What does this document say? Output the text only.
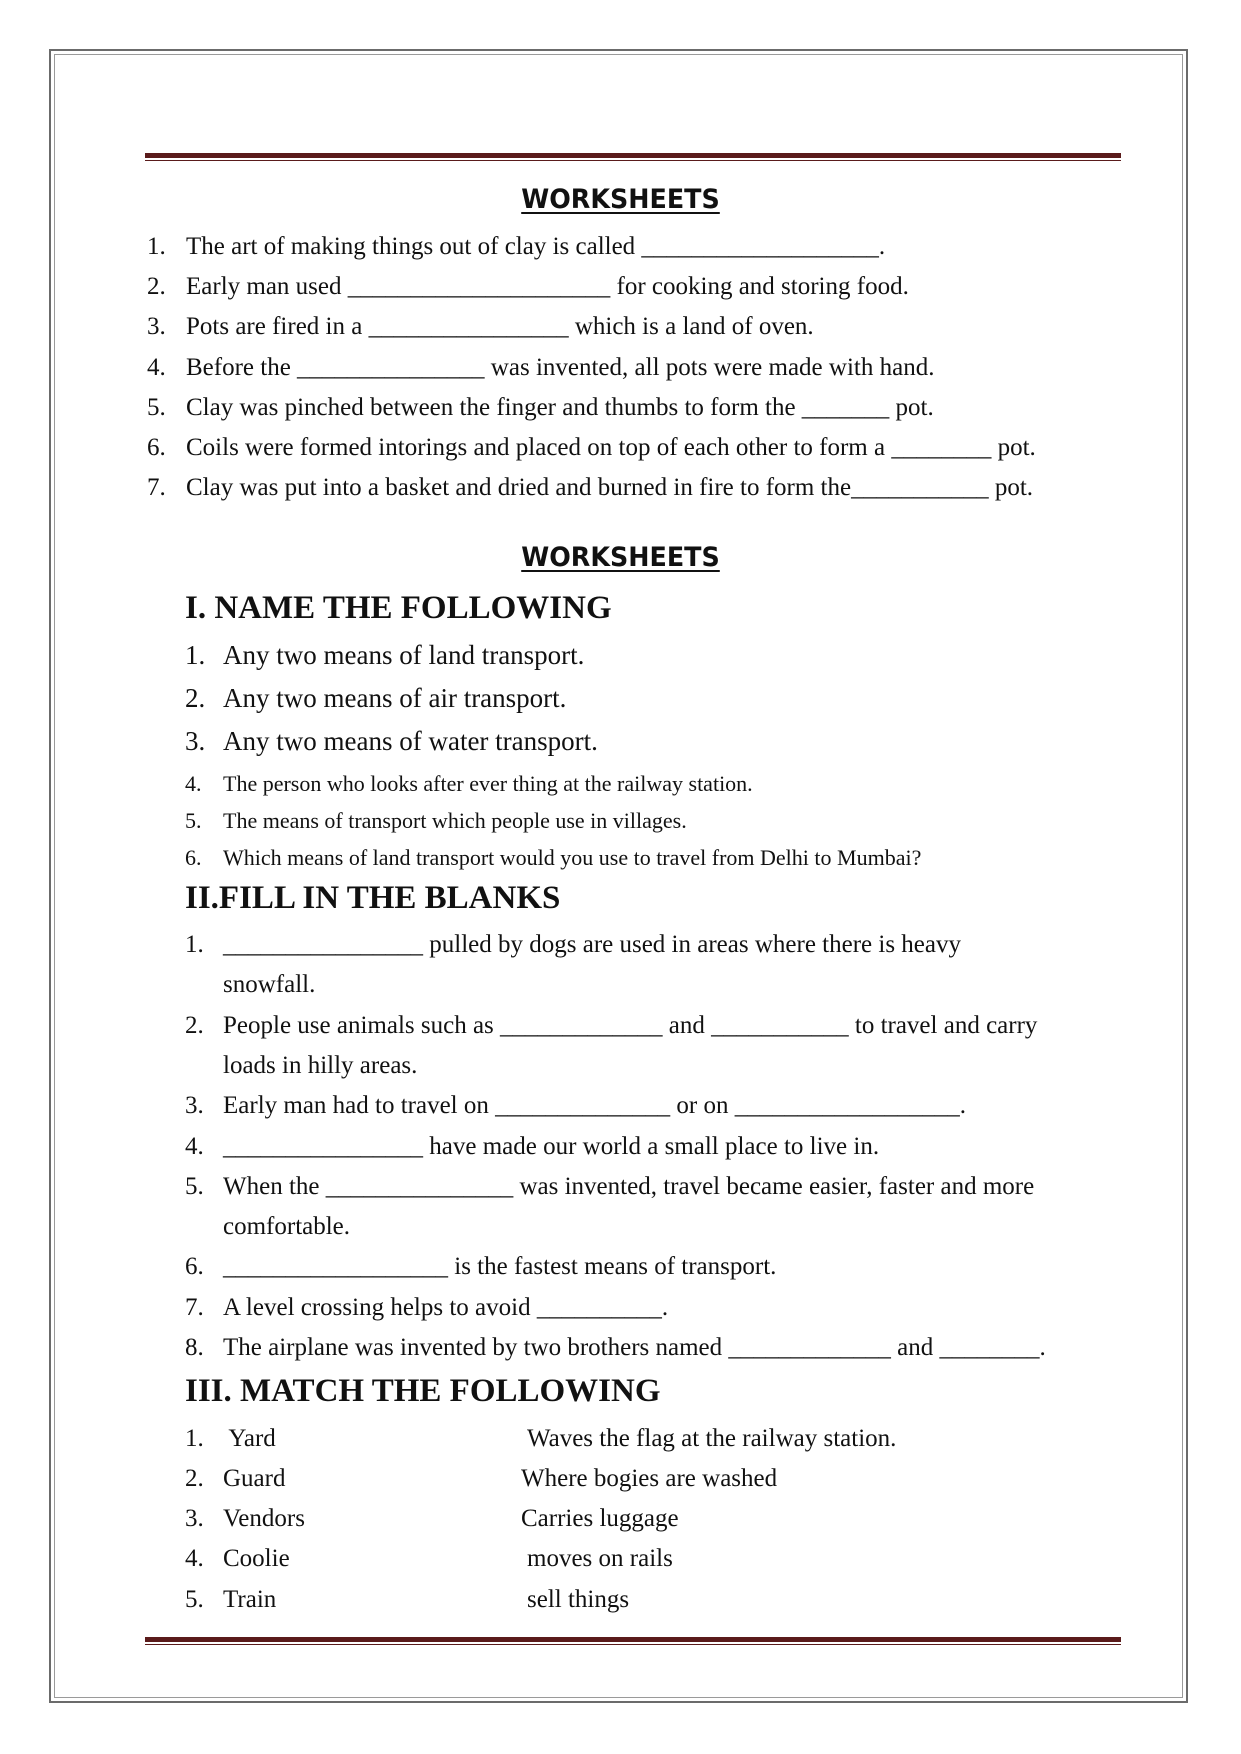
WORKSHEETS
1. The art of making things out of clay is called ___________________.
2. Early man used _____________________ for cooking and storing food.
3. Pots are fired in a ________________ which is a land of oven.
4. Before the _______________ was invented, all pots were made with hand.
5. Clay was pinched between the finger and thumbs to form the _______ pot.
6. Coils were formed intorings and placed on top of each other to form a ________ pot.
7. Clay was put into a basket and dried and burned in fire to form the___________ pot.
WORKSHEETS
I. NAME THE FOLLOWING
1. Any two means of land transport.
2. Any two means of air transport.
3. Any two means of water transport.
4. The person who looks after ever thing at the railway station.
5. The means of transport which people use in villages.
6. Which means of land transport would you use to travel from Delhi to Mumbai?
II.FILL IN THE BLANKS
1. ________________ pulled by dogs are used in areas where there is heavy
snowfall.
2. People use animals such as _____________ and ___________ to travel and carry
loads in hilly areas.
3. Early man had to travel on ______________ or on __________________.
4. ________________ have made our world a small place to live in.
5. When the _______________ was invented, travel became easier, faster and more
comfortable.
6. __________________ is the fastest means of transport.
7. A level crossing helps to avoid __________.
8. The airplane was invented by two brothers named _____________ and ________.
III. MATCH THE FOLLOWING
1. Yard	Waves the flag at the railway station.
2. Guard	Where bogies are washed
3. Vendors	Carries luggage
4. Coolie	moves on rails
5. Train	sell things
